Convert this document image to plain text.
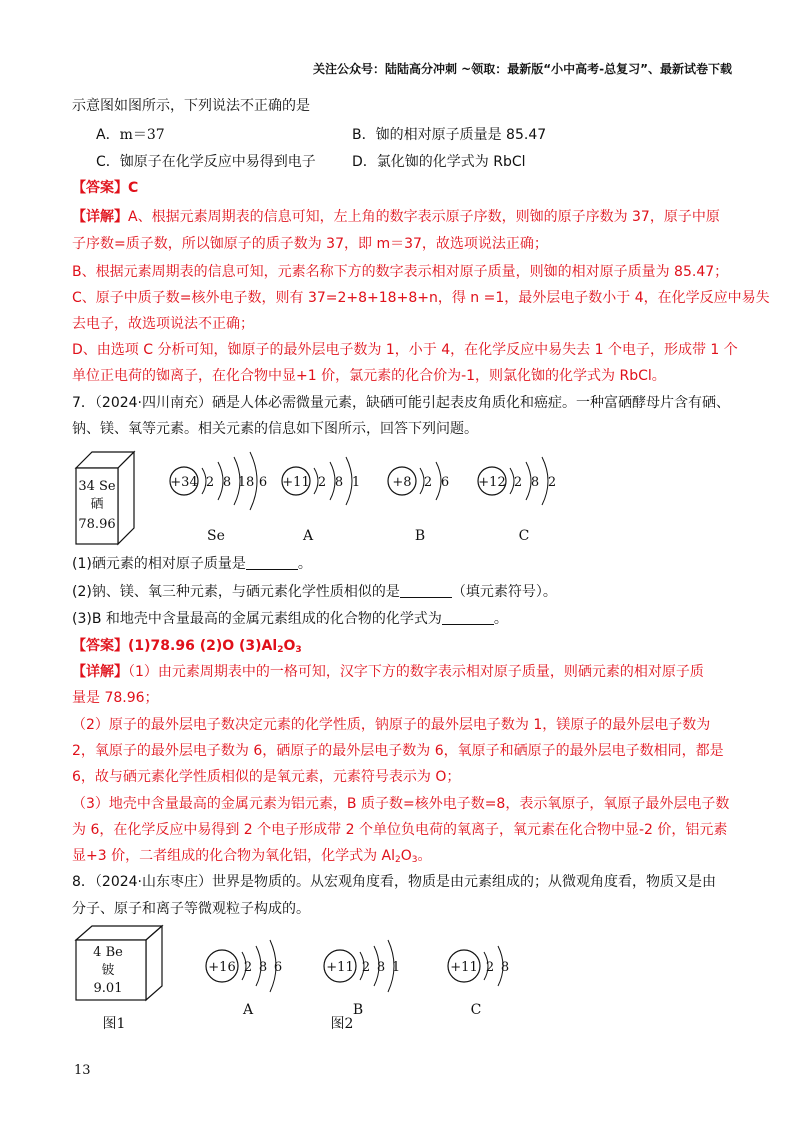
关注公众号：陆陆高分冲刺 ~领取：最新版“小中高考-总复习”、最新试卷下载
示意图如图所示，下列说法不正确的是
A．m＝37	B．铷的相对原子质量是 85.47
C．铷原子在化学反应中易得到电子	D．氯化铷的化学式为 RbCl
【答案】C
【详解】A、根据元素周期表的信息可知，左上角的数字表示原子序数，则铷的原子序数为 37，原子中原
子序数=质子数，所以铷原子的质子数为 37，即 m＝37，故选项说法正确；
B、根据元素周期表的信息可知，元素名称下方的数字表示相对原子质量，则铷的相对原子质量为 85.47；
C、原子中质子数=核外电子数，则有 37=2+8+18+8+n，得 n =1，最外层电子数小于 4，在化学反应中易失
去电子，故选项说法不正确；
D、由选项 C 分析可知，铷原子的最外层电子数为 1，小于 4，在化学反应中易失去 1 个电子，形成带 1 个
单位正电荷的铷离子，在化合物中显+1 价，氯元素的化合价为-1，则氯化铷的化学式为 RbCl。
7．（2024·四川南充）硒是人体必需微量元素，缺硒可能引起表皮角质化和癌症。一种富硒酵母片含有硒、
钠、镁、氧等元素。相关元素的信息如下图所示，回答下列问题。
34 Se
硒
78.96
+34 2 8 18 6
Se
+11 2 8 1
A
+8 2 6
B
+12 2 8 2
C
(1)硒元素的相对原子质量是	。
(2)钠、镁、氧三种元素，与硒元素化学性质相似的是	（填元素符号）。
(3)B 和地壳中含量最高的金属元素组成的化合物的化学式为	。
【答案】(1)78.96 (2)O $(3)Al_2O_3$
【详解】（1）由元素周期表中的一格可知，汉字下方的数字表示相对原子质量，则硒元素的相对原子质
量是 78.96；
（2）原子的最外层电子数决定元素的化学性质，钠原子的最外层电子数为 1，镁原子的最外层电子数为
2，氧原子的最外层电子数为 6，硒原子的最外层电子数为 6，氧原子和硒原子的最外层电子数相同，都是
6，故与硒元素化学性质相似的是氧元素，元素符号表示为 O；
（3）地壳中含量最高的金属元素为铝元素，B 质子数=核外电子数=8，表示氧原子，氧原子最外层电子数
为 6，在化学反应中易得到 2 个电子形成带 2 个单位负电荷的氧离子，氧元素在化合物中显-2 价，铝元素
显+3 价，二者组成的化合物为氧化铝，化学式为 $Al_2O_3$。
8．（2024·山东枣庄）世界是物质的。从宏观角度看，物质是由元素组成的；从微观角度看，物质又是由
分子、原子和离子等微观粒子构成的。
4 Be
铍
9.01
图1
+16 2 8 6
A
+11 2 8 1
B
图2
+11 2 8
C
13
